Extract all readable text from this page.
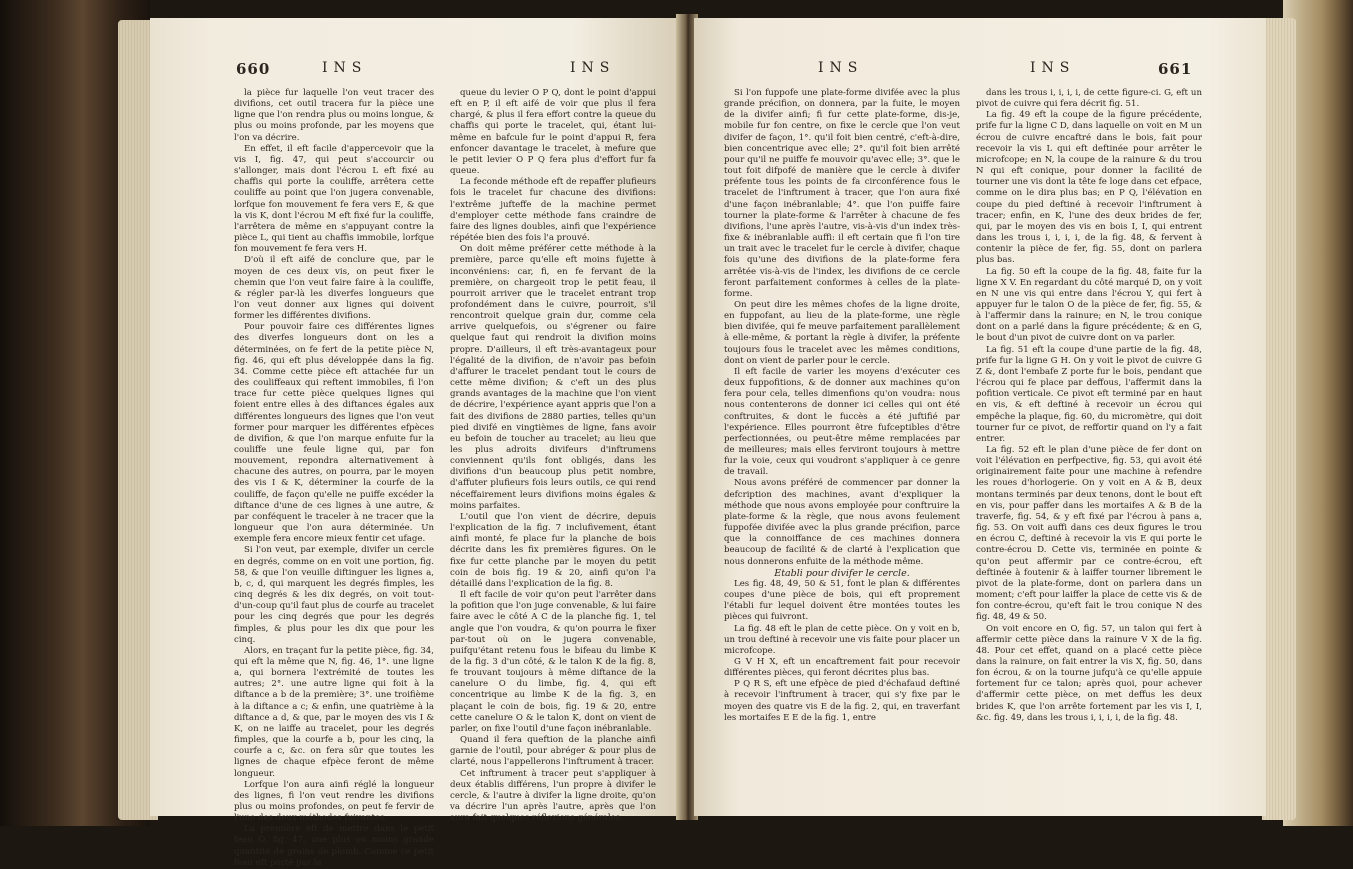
660	INS	INS

la pièce fur laquelle l'on veut tracer des divifions, cet outil tracera fur la pièce une ligne que l'on rendra plus ou moins longue, & plus ou moins profonde, par les moyens que l'on va décrire.

En effet, il eft facile d'appercevoir que la vis I, fig. 47, qui peut s'accourcir ou s'allonger, mais dont l'écrou L eft fixé au chaffis qui porte la couliffe, arrêtera cette couliffe au point que l'on jugera convenable, lorfque fon mouvement fe fera vers E, & que la vis K, dont l'écrou M eft fixé fur la couliffe, l'arrêtera de même en s'appuyant contre la pièce L, qui tient au chaffis immobile, lorfque fon mouvement fe fera vers H.

D'où il eft aifé de conclure que, par le moyen de ces deux vis, on peut fixer le chemin que l'on veut faire faire à la couliffe, & régler par-là les diverfes longueurs que l'on veut donner aux lignes qui doivent former les différentes divifions.

Pour pouvoir faire ces différentes lignes des diverfes longueurs dont on les a déterminées, on fe fert de la petite pièce N, fig. 46, qui eft plus développée dans la fig. 34. Comme cette pièce eft attachée fur un des couliffeaux qui reftent immobiles, fi l'on trace fur cette pièce quelques lignes qui foient entre elles à des diftances égales aux différentes longueurs des lignes que l'on veut former pour marquer les différentes efpèces de divifion, & que l'on marque enfuite fur la couliffe une feule ligne qui, par fon mouvement, repondra alternativement à chacune des autres, on pourra, par le moyen des vis I & K, déterminer la courfe de la couliffe, de façon qu'elle ne puiffe excéder la diftance d'une de ces lignes à une autre, & par conféquent le traceler à ne tracer que la longueur que l'on aura déterminée. Un exemple fera encore mieux fentir cet ufage.

Si l'on veut, par exemple, divifer un cercle en degrés, comme on en voit une portion, fig. 58, & que l'on veuille diftinguer les lignes a, b, c, d, qui marquent les degrés fimples, les cinq degrés & les dix degrés, on voit tout-d'un-coup qu'il faut plus de courfe au tracelet pour les cinq degrés que pour les degrés fimples, & plus pour les dix que pour les cinq.

Alors, en traçant fur la petite pièce, fig. 34, qui eft la même que N, fig. 46, 1°. une ligne a, qui bornera l'extrémité de toutes les autres; 2°. une autre ligne qui foit à la diftance a b de la première; 3°. une troifième à la diftance a c; & enfin, une quatrième à la diftance a d, & que, par le moyen des vis I & K, on ne laiffe au tracelet, pour les degrés fimples, que la courfe a b, pour les cinq, la courfe a c, &c. on fera sûr que toutes les lignes de chaque efpèce feront de même longueur.

Lorfque l'on aura ainfi réglé la longueur des lignes, fi l'on veut rendre les divifions plus ou moins profondes, on peut fe fervir de l'une des deux méthodes fuivantes.

La première eft de mettre dans le petit feau O, fig. 47, une plus ou moins grande quantité de grains de plomb. Comme ce petit feau eft porté par la

queue du levier O P Q, dont le point d'appui eft en P, il eft aifé de voir que plus il fera chargé, & plus il fera effort contre la queue du chaffis qui porte le tracelet, qui, étant lui-même en bafcule fur le point d'appui R, fera enfoncer davantage le tracelet, à mefure que le petit levier O P Q fera plus d'effort fur fa queue.

La feconde méthode eft de repaffer plufieurs fois le tracelet fur chacune des divifions: l'extrême jufteffe de la machine permet d'employer cette méthode fans craindre de faire des lignes doubles, ainfi que l'expérience répétée bien des fois l'a prouvé.

On doit même préférer cette méthode à la première, parce qu'elle eft moins fujette à inconvéniens: car, fi, en fe fervant de la première, on chargeoit trop le petit feau, il pourroit arriver que le tracelet entrant trop profondément dans le cuivre, pourroit, s'il rencontroit quelque grain dur, comme cela arrive quelquefois, ou s'égrener ou faire quelque faut qui rendroit la divifion moins propre. D'ailleurs, il eft très-avantageux pour l'égalité de la divifion, de n'avoir pas befoin d'affurer le tracelet pendant tout le cours de cette même divifion; & c'eft un des plus grands avantages de la machine que l'on vient de décrire, l'expérience ayant appris que l'on a fait des divifions de 2880 parties, telles qu'un pied divifé en vingtièmes de ligne, fans avoir eu befoin de toucher au tracelet; au lieu que les plus adroits divifeurs d'inftrumens conviennent qu'ils font obligés, dans les divifions d'un beaucoup plus petit nombre, d'affuter plufieurs fois leurs outils, ce qui rend néceffairement leurs divifions moins égales & moins parfaites.

L'outil que l'on vient de décrire, depuis l'explication de la fig. 7 inclufivement, étant ainfi monté, fe place fur la planche de bois décrite dans les fix premières figures. On le fixe fur cette planche par le moyen du petit coin de bois fig. 19 & 20, ainfi qu'on l'a détaillé dans l'explication de la fig. 8.

Il eft facile de voir qu'on peut l'arrêter dans la pofition que l'on juge convenable, & lui faire faire avec le côté A C de la planche fig. 1, tel angle que l'on voudra, & qu'on pourra le fixer par-tout où on le jugera convenable, puifqu'étant retenu fous le bifeau du limbe K de la fig. 3 d'un côté, & le talon K de la fig. 8, fe trouvant toujours à même diftance de la canelure O du limbe, fig. 4, qui eft concentrique au limbe K de la fig. 3, en plaçant le coin de bois, fig. 19 & 20, entre cette canelure O & le talon K, dont on vient de parler, on fixe l'outil d'une façon inébranlable.

Quand il fera queftion de la planche ainfi garnie de l'outil, pour abréger & pour plus de clarté, nous l'appellerons l'inftrument à tracer.

Cet inftrument à tracer peut s'appliquer à deux établis différens, l'un propre à divifer le cercle, & l'autre à divifer la ligne droite, qu'on va décrire l'un après l'autre, après que l'on aura fait quelques réflexions générales.

INS	INS	661

Si l'on fuppofe une plate-forme divifée avec la plus grande précifion, on donnera, par la fuite, le moyen de la divifer ainfi; fi fur cette plate-forme, dis-je, mobile fur fon centre, on fixe le cercle que l'on veut divifer de façon, 1°. qu'il foit bien centré, c'eft-à-dire, bien concentrique avec elle; 2°. qu'il foit bien arrêté pour qu'il ne puiffe fe mouvoir qu'avec elle; 3°. que le tout foit difpofé de manière que le cercle à divifer préfente tous les points de fa circonférence fous le tracelet de l'inftrument à tracer, que l'on aura fixé d'une façon inébranlable; 4°. que l'on puiffe faire tourner la plate-forme & l'arrêter à chacune de fes divifions, l'une après l'autre, vis-à-vis d'un index très-fixe & inébranlable auffi: il eft certain que fi l'on tire un trait avec le tracelet fur le cercle à divifer, chaque fois qu'une des divifions de la plate-forme fera arrêtée vis-à-vis de l'index, les divifions de ce cercle feront parfaitement conformes à celles de la plate-forme.

On peut dire les mêmes chofes de la ligne droite, en fuppofant, au lieu de la plate-forme, une règle bien divifée, qui fe meuve parfaitement parallèlement à elle-même, & portant la règle à divifer, la préfente toujours fous le tracelet avec les mêmes conditions, dont on vient de parler pour le cercle.

Il eft facile de varier les moyens d'exécuter ces deux fuppofitions, & de donner aux machines qu'on fera pour cela, telles dimenfions qu'on voudra: nous nous contenterons de donner ici celles qui ont été conftruites, & dont le fuccès a été juftifié par l'expérience. Elles pourront être fufceptibles d'être perfectionnées, ou peut-être même remplacées par de meilleures; mais elles ferviront toujours à mettre fur la voie, ceux qui voudront s'appliquer à ce genre de travail.

Nous avons préféré de commencer par donner la defcription des machines, avant d'expliquer la méthode que nous avons employée pour conftruire la plate-forme & la règle, que nous avons feulement fuppofée divifée avec la plus grande précifion, parce que la connoiffance de ces machines donnera beaucoup de facilité & de clarté à l'explication que nous donnerons enfuite de la méthode même.

Etabli pour divifer le cercle.

Les fig. 48, 49, 50 & 51, font le plan & différentes coupes d'une pièce de bois, qui eft proprement l'établi fur lequel doivent être montées toutes les pièces qui fuivront.

La fig. 48 eft le plan de cette pièce. On y voit en b, un trou deftiné à recevoir une vis faite pour placer un microfcope.

G V H X, eft un encaftrement fait pour recevoir différentes pièces, qui feront décrites plus bas.

P Q R S, eft une efpèce de pied d'échafaud deftiné à recevoir l'inftrument à tracer, qui s'y fixe par le moyen des quatre vis E de la fig. 2, qui, en traverfant les mortaifes E E de la fig. 1, entre

dans les trous i, i, i, i, de cette figure-ci. G, eft un pivot de cuivre qui fera décrit fig. 51.

La fig. 49 eft la coupe de la figure précédente, prife fur la ligne C D, dans laquelle on voit en M un écrou de cuivre encaftré dans le bois, fait pour recevoir la vis L qui eft deftinée pour arrêter le microfcope; en N, la coupe de la rainure & du trou N qui eft conique, pour donner la facilité de tourner une vis dont la tête fe loge dans cet efpace, comme on le dira plus bas; en P Q, l'élévation en coupe du pied deftiné à recevoir l'inftrument à tracer; enfin, en K, l'une des deux brides de fer, qui, par le moyen des vis en bois I, I, qui entrent dans les trous i, i, i, i, de la fig. 48, & fervent à contenir la pièce de fer, fig. 55, dont on parlera plus bas.

La fig. 50 eft la coupe de la fig. 48, faite fur la ligne X V. En regardant du côté marqué D, on y voit en N une vis qui entre dans l'écrou Y, qui fert à appuyer fur le talon O de la pièce de fer, fig. 55, & à l'affermir dans la rainure; en N, le trou conique dont on a parlé dans la figure précédente; & en G, le bout d'un pivot de cuivre dont on va parler.

La fig. 51 eft la coupe d'une partie de la fig. 48, prife fur la ligne G H. On y voit le pivot de cuivre G Z &, dont l'embafe Z porte fur le bois, pendant que l'écrou qui fe place par deffous, l'affermit dans la pofition verticale. Ce pivot eft terminé par en haut en vis, & eft deftiné à recevoir un écrou qui empêche la plaque, fig. 60, du micromètre, qui doit tourner fur ce pivot, de reffortir quand on l'y a fait entrer.

La fig. 52 eft le plan d'une pièce de fer dont on voit l'élévation en perfpective, fig. 53, qui avoit été originairement faite pour une machine à refendre les roues d'horlogerie. On y voit en A & B, deux montans terminés par deux tenons, dont le bout eft en vis, pour paffer dans les mortaifes A & B de la traverfe, fig. 54, & y eft fixé par l'écrou à pans a, fig. 53. On voit auffi dans ces deux figures le trou en écrou C, deftiné à recevoir la vis E qui porte le contre-écrou D. Cette vis, terminée en pointe & qu'on peut affermir par ce contre-écrou, eft deftinée à foutenir & à laiffer tourner librement le pivot de la plate-forme, dont on parlera dans un moment; c'eft pour laiffer la place de cette vis & de fon contre-écrou, qu'eft fait le trou conique N des fig. 48, 49 & 50.

On voit encore en O, fig. 57, un talon qui fert à affermir cette pièce dans la rainure V X de la fig. 48. Pour cet effet, quand on a placé cette pièce dans la rainure, on fait entrer la vis X, fig. 50, dans fon écrou, & on la tourne jufqu'à ce qu'elle appuie fortement fur ce talon; après quoi, pour achever d'affermir cette pièce, on met deffus les deux brides K, que l'on arrête fortement par les vis I, I, &c. fig. 49, dans les trous i, i, i, i, de la fig. 48.
